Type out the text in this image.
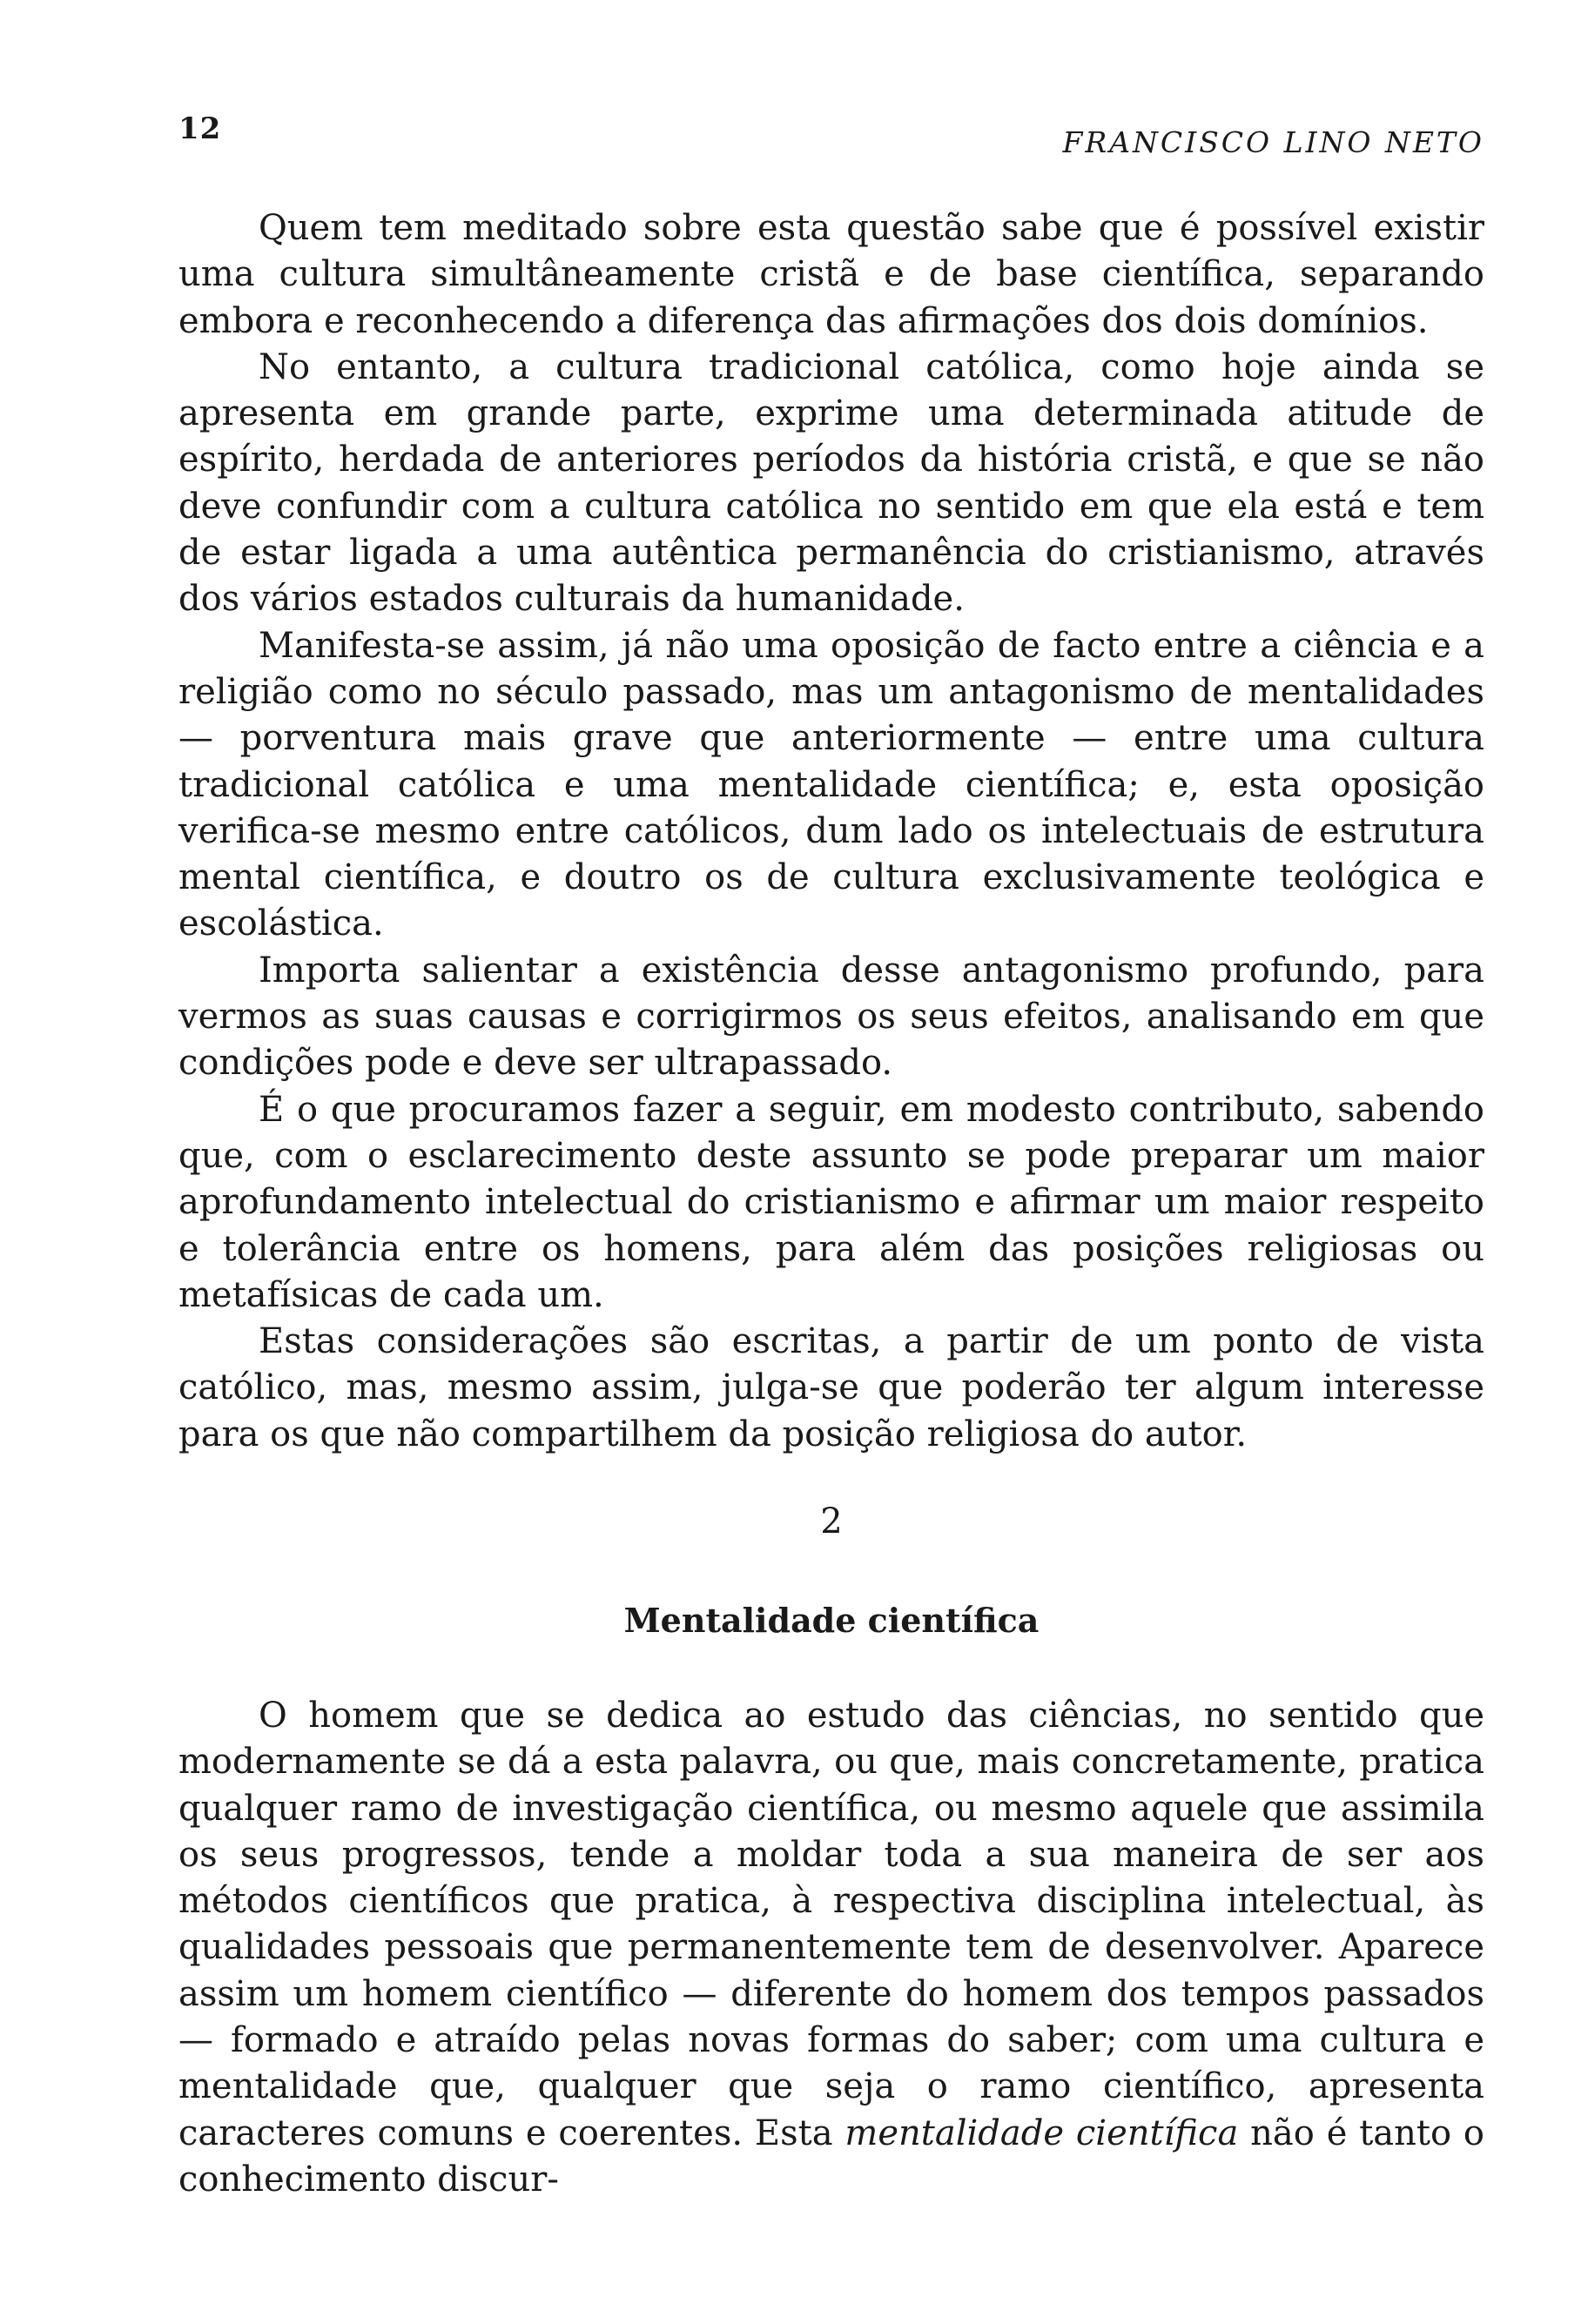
12	FRANCISCO LINO NETO

Quem tem meditado sobre esta questão sabe que é possível existir uma cultura simultâneamente cristã e de base científica, separando embora e reconhecendo a diferença das afirmações dos dois domínios.

No entanto, a cultura tradicional católica, como hoje ainda se apresenta em grande parte, exprime uma determinada atitude de espírito, herdada de anteriores períodos da história cristã, e que se não deve confundir com a cultura católica no sentido em que ela está e tem de estar ligada a uma autêntica permanência do cristianismo, através dos vários estados culturais da humanidade.

Manifesta-se assim, já não uma oposição de facto entre a ciência e a religião como no século passado, mas um antagonismo de mentalidades — porventura mais grave que anteriormente — entre uma cultura tradicional católica e uma mentalidade científica; e, esta oposição verifica-se mesmo entre católicos, dum lado os intelectuais de estrutura mental científica, e doutro os de cultura exclusivamente teológica e escolástica.

Importa salientar a existência desse antagonismo profundo, para vermos as suas causas e corrigirmos os seus efeitos, analisando em que condições pode e deve ser ultrapassado.

É o que procuramos fazer a seguir, em modesto contributo, sabendo que, com o esclarecimento deste assunto se pode preparar um maior aprofundamento intelectual do cristianismo e afirmar um maior respeito e tolerância entre os homens, para além das posições religiosas ou metafísicas de cada um.

Estas considerações são escritas, a partir de um ponto de vista católico, mas, mesmo assim, julga-se que poderão ter algum interesse para os que não compartilhem da posição religiosa do autor.

2
Mentalidade científica

O homem que se dedica ao estudo das ciências, no sentido que modernamente se dá a esta palavra, ou que, mais concretamente, pratica qualquer ramo de investigação científica, ou mesmo aquele que assimila os seus progressos, tende a moldar toda a sua maneira de ser aos métodos científicos que pratica, à respectiva disciplina intelectual, às qualidades pessoais que permanentemente tem de desenvolver. Aparece assim um homem científico — diferente do homem dos tempos passados — formado e atraído pelas novas formas do saber; com uma cultura e mentalidade que, qualquer que seja o ramo científico, apresenta caracteres comuns e coerentes. Esta mentalidade científica não é tanto o conhecimento discur-
